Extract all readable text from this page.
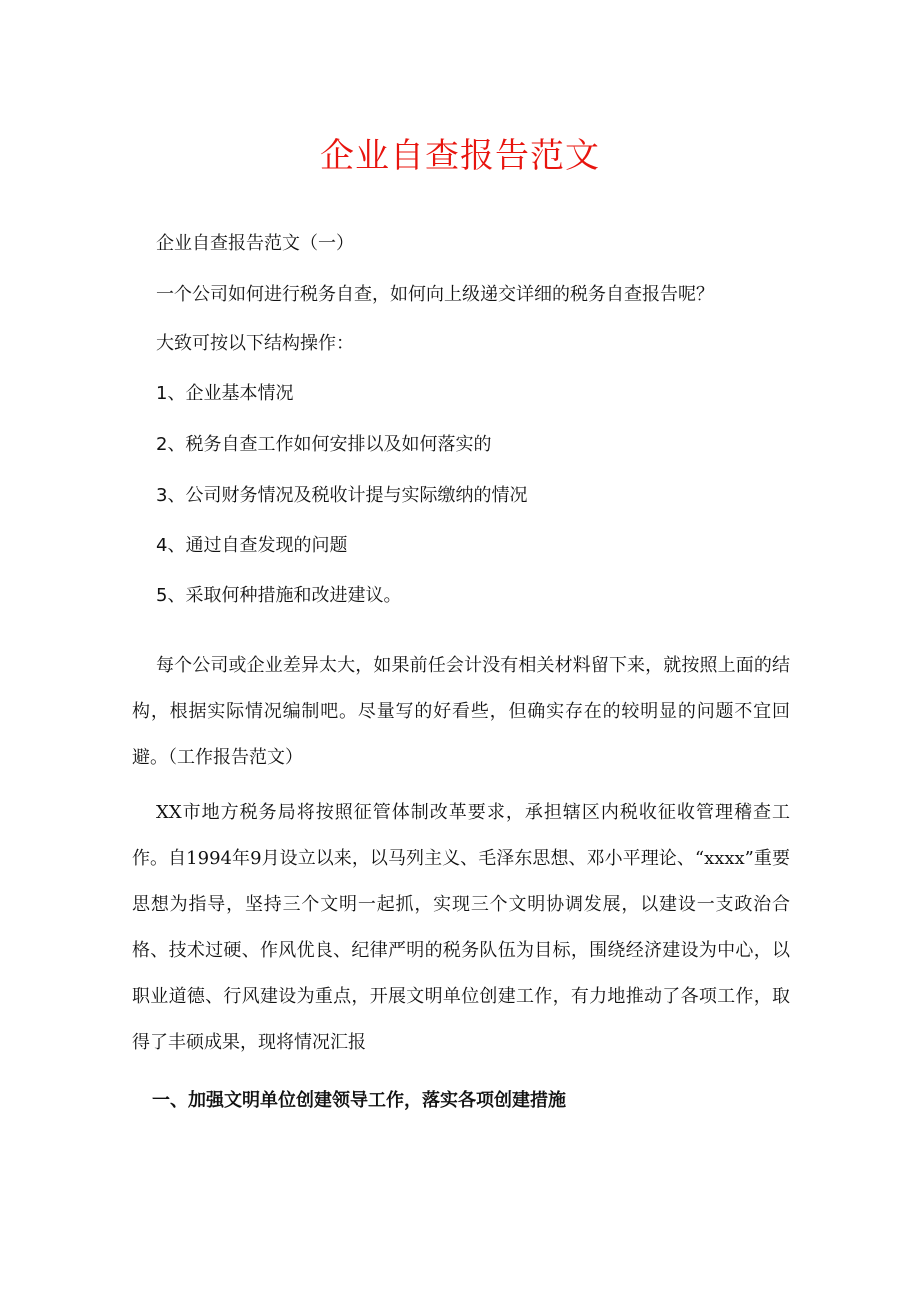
企业自查报告范文

企业自查报告范文（一）

一个公司如何进行税务自查，如何向上级递交详细的税务自查报告呢？

大致可按以下结构操作：

1、企业基本情况

2、税务自查工作如何安排以及如何落实的

3、公司财务情况及税收计提与实际缴纳的情况

4、通过自查发现的问题

5、采取何种措施和改进建议。

每个公司或企业差异太大，如果前任会计没有相关材料留下来，就按照上面的结构，根据实际情况编制吧。尽量写的好看些，但确实存在的较明显的问题不宜回避。（工作报告范文）

XX市地方税务局将按照征管体制改革要求，承担辖区内税收征收管理稽查工作。自1994年9月设立以来，以马列主义、毛泽东思想、邓小平理论、“xxxx”重要思想为指导，坚持三个文明一起抓，实现三个文明协调发展，以建设一支政治合格、技术过硬、作风优良、纪律严明的税务队伍为目标，围绕经济建设为中心，以职业道德、行风建设为重点，开展文明单位创建工作，有力地推动了各项工作，取得了丰硕成果，现将情况汇报

一、加强文明单位创建领导工作，落实各项创建措施
